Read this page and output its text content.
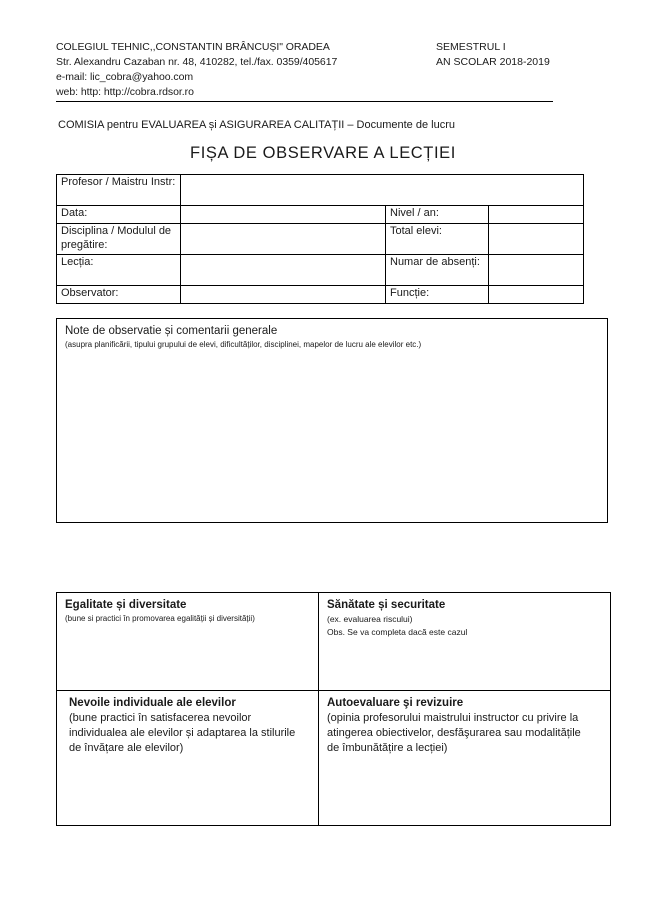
COLEGIUL TEHNIC,,CONSTANTIN BRÂNCUȘI" ORADEA	SEMESTRUL I
Str. Alexandru Cazaban nr. 48, 410282, tel./fax. 0359/405617	AN SCOLAR 2018-2019
e-mail: lic_cobra@yahoo.com
web: http: http://cobra.rdsor.ro
COMISIA pentru EVALUAREA și ASIGURAREA CALITAȚII – Documente de lucru
FIȘA DE OBSERVARE A LECȚIEI
Profesor / Maistru Instr:			
Data:		Nivel / an:	
Disciplina / Modulul de pregătire:		Total elevi:	
Lecția:		Numar de absenți:	
Observator:		Funcție:	
Note de observatie și comentarii generale
(asupra planificării, tipului grupului de elevi, dificultăților, disciplinei, mapelor de lucru ale elevilor etc.)
Egalitate și diversitate
(bune si practici în promovarea egalității și diversității)

Sănătate și securitate
(ex. evaluarea riscului)
Obs. Se va completa dacă este cazul

Nevoile individuale ale elevilor
(bune practici în satisfacerea nevoilor
individualea ale elevilor și adaptarea la stilurile
de învățare ale elevilor)

Autoevaluare şi revizuire
(opinia profesorului maistrului instructor cu privire la
atingerea obiectivelor, desfăşurarea sau modalitățile
de îmbunătățire a lecției)
